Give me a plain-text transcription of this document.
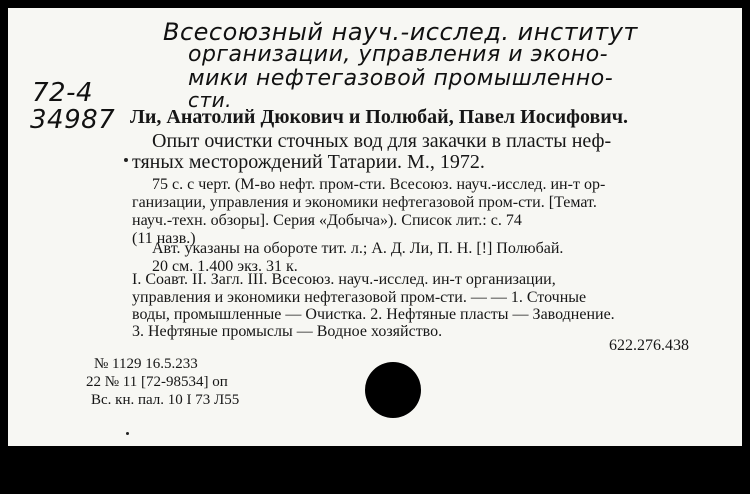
Всесоюзный науч.-исслед. институт
организации, управления и эконо-
мики нефтегазовой промышленно-
сти.
72-4
34987 Ли, Анатолий Дюкович и Полюбай, Павел Иосифович.
Опыт очистки сточных вод для закачки в пласты неф-
тяных месторождений Татарии. М., 1972.
75 с. с черт. (М-во нефт. пром-сти. Всесоюз. науч.-исслед. ин-т ор-
ганизации, управления и экономики нефтегазовой пром-сти. [Темат.
науч.-техн. обзоры]. Серия «Добыча»). Список лит.: с. 74
(11 назв.)
Авт. указаны на обороте тит. л.; А. Д. Ли, П. Н. [!] Полюбай.
20 см. 1.400 экз. 31 к.
I. Соавт. II. Загл. III. Всесоюз. науч.-исслед. ин-т организации,
управления и экономики нефтегазовой пром-сти. — — 1. Сточные
воды, промышленные — Очистка. 2. Нефтяные пласты — Заводнение.
3. Нефтяные промыслы — Водное хозяйство.
622.276.438
№ 1129 16.5.233
22 № 11 [72-98534] оп
Вс. кн. пал. 10 I 73 Л55
